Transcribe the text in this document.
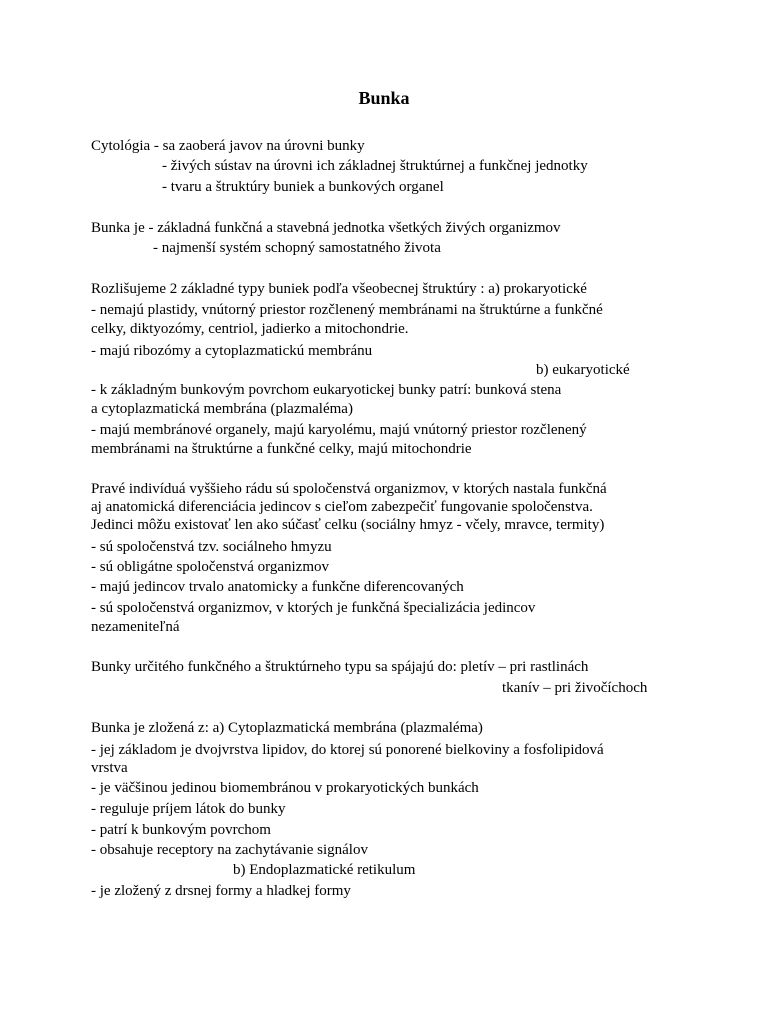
Bunka
Cytológia - sa zaoberá javov na úrovni bunky
- živých sústav na úrovni ich základnej štruktúrnej a funkčnej jednotky
- tvaru a štruktúry buniek a bunkových organel
Bunka je - základná funkčná a stavebná jednotka všetkých živých organizmov
- najmenší systém schopný samostatného života
Rozlišujeme 2 základné typy buniek podľa všeobecnej štruktúry : a) prokaryotické
- nemajú plastidy, vnútorný priestor rozčlenený membránami na štruktúrne a funkčné
celky, diktyozómy, centriol, jadierko a mitochondrie.
- majú ribozómy a cytoplazmatickú membránu
b) eukaryotické
- k základným bunkovým povrchom eukaryotickej bunky patrí: bunková stena
a cytoplazmatická membrána (plazmaléma)
- majú membránové organely, majú karyolému, majú vnútorný priestor rozčlenený
membránami na štruktúrne a funkčné celky, majú mitochondrie
Pravé indivíduá vyššieho rádu sú spoločenstvá organizmov, v ktorých nastala funkčná
aj anatomická diferenciácia jedincov s cieľom zabezpečiť fungovanie spoločenstva.
Jedinci môžu existovať len ako súčasť celku (sociálny hmyz - včely, mravce, termity)
- sú spoločenstvá tzv. sociálneho hmyzu
- sú obligátne spoločenstvá organizmov
- majú jedincov trvalo anatomicky a funkčne diferencovaných
- sú spoločenstvá organizmov, v ktorých je funkčná špecializácia jedincov
nezameniteľná
Bunky určitého funkčného a štruktúrneho typu sa spájajú do: pletív – pri rastlinách
tkanív – pri živočíchoch
Bunka je zložená z: a) Cytoplazmatická membrána (plazmaléma)
- jej základom je dvojvrstva lipidov, do ktorej sú ponorené bielkoviny a fosfolipidová
vrstva
- je väčšinou jedinou biomembránou v prokaryotických bunkách
- reguluje príjem látok do bunky
- patrí k bunkovým povrchom
- obsahuje receptory na zachytávanie signálov
b) Endoplazmatické retikulum
- je zložený z drsnej formy a hladkej formy
